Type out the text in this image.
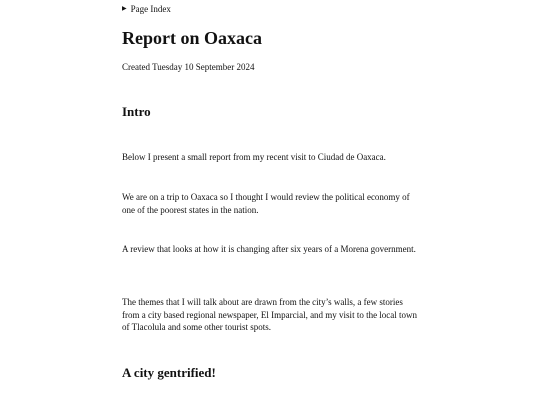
▶ Page Index
Report on Oaxaca
Created Tuesday 10 September 2024
Intro

Below I present a small report from my recent visit to Ciudad de Oaxaca.

We are on a trip to Oaxaca so I thought I would review the political economy of one of the poorest states in the nation.

A review that looks at how it is changing after six years of a Morena government.

The themes that I will talk about are drawn from the city’s walls, a few stories from a city based regional newspaper, El Imparcial, and my visit to the local town of Tlacolula and some other tourist spots.

A city gentrified!
